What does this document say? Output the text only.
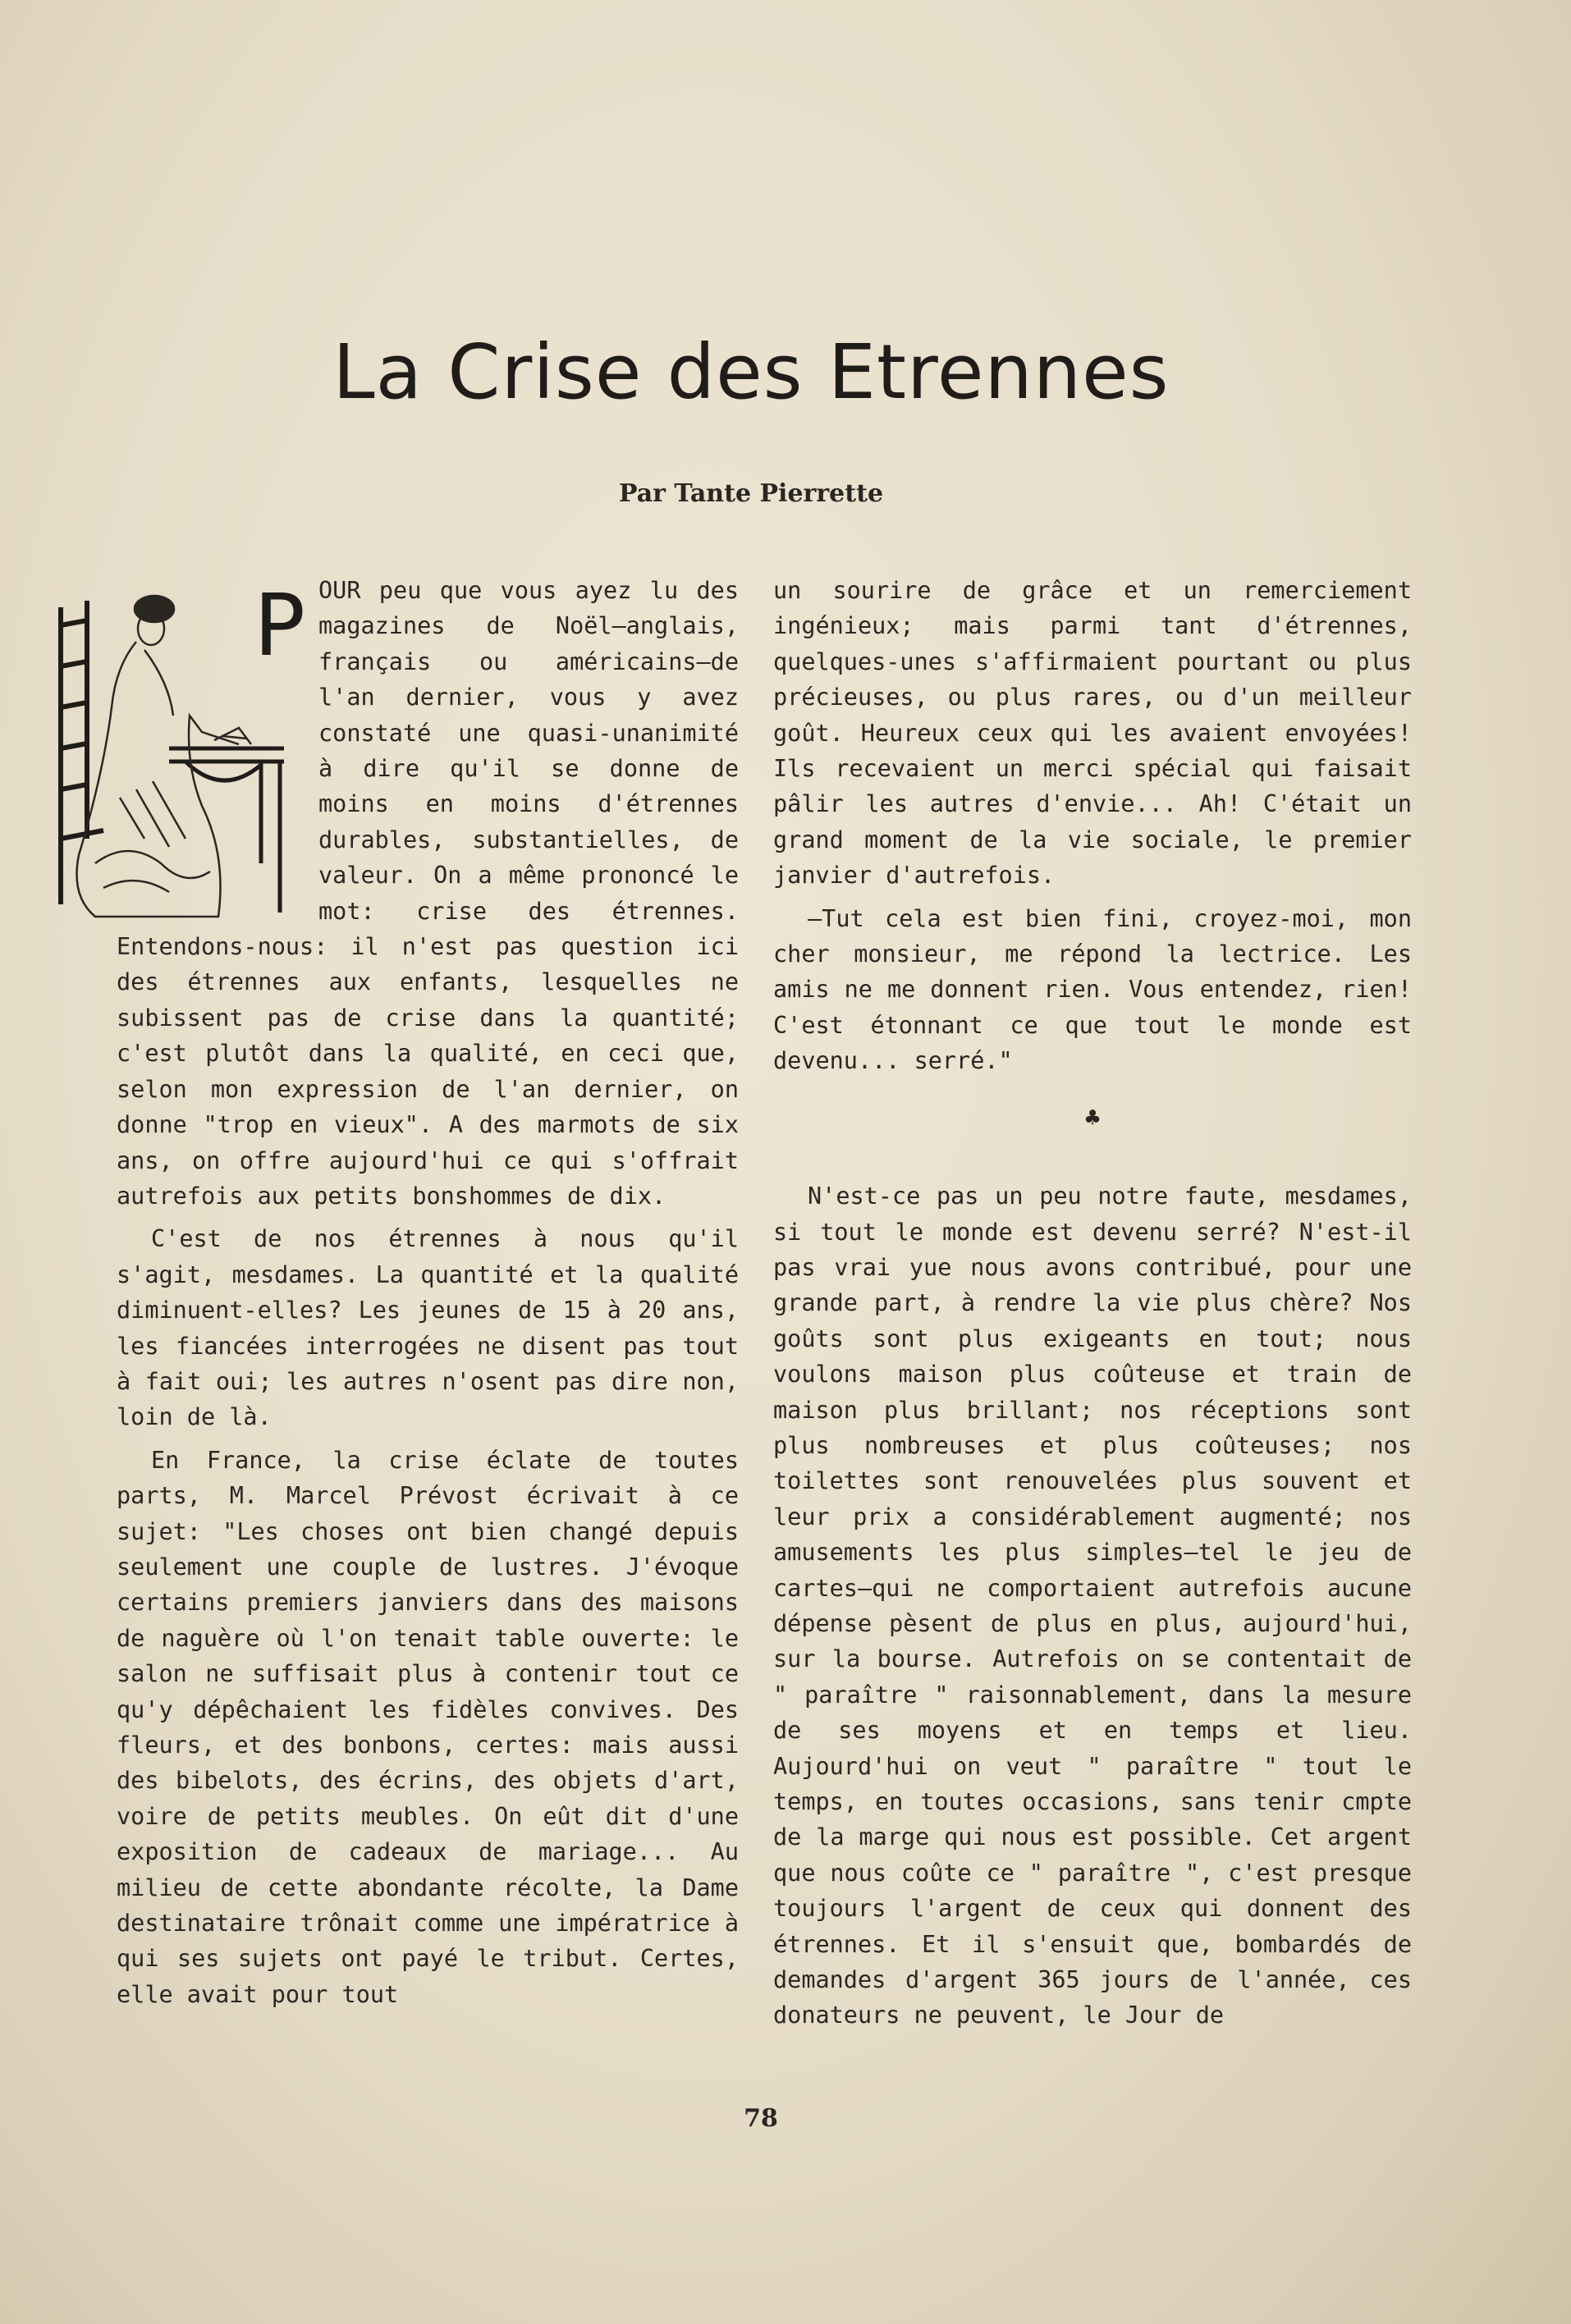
La Crise des Etrennes
Par Tante Pierrette
P OUR peu que vous ayez lu des magazines de Noël—anglais, français ou américains—de l'an dernier, vous y avez constaté une quasi-unanimité à dire qu'il se donne de moins en moins d'étrennes durables, substantielles, de valeur. On a même prononcé le mot: crise des étrennes. Entendons-nous: il n'est pas question ici des étrennes aux enfants, lesquelles ne subissent pas de crise dans la quantité; c'est plutôt dans la qualité, en ceci que, selon mon expression de l'an dernier, on donne "trop en vieux". A des marmots de six ans, on offre aujourd'hui ce qui s'offrait autrefois aux petits bonshommes de dix.

C'est de nos étrennes à nous qu'il s'agit, mesdames. La quantité et la qualité diminuent-elles? Les jeunes de 15 à 20 ans, les fiancées interrogées ne disent pas tout à fait oui; les autres n'osent pas dire non, loin de là.

En France, la crise éclate de toutes parts, M. Marcel Prévost écrivait à ce sujet: "Les choses ont bien changé depuis seulement une couple de lustres. J'évoque certains premiers janviers dans des maisons de naguère où l'on tenait table ouverte: le salon ne suffisait plus à contenir tout ce qu'y dépêchaient les fidèles convives. Des fleurs, et des bonbons, certes: mais aussi des bibelots, des écrins, des objets d'art, voire de petits meubles. On eût dit d'une exposition de cadeaux de mariage... Au milieu de cette abondante récolte, la Dame destinataire trônait comme une impératrice à qui ses sujets ont payé le tribut. Certes, elle avait pour tout

un sourire de grâce et un remerciement ingénieux; mais parmi tant d'étrennes, quelques-unes s'affirmaient pourtant ou plus précieuses, ou plus rares, ou d'un meilleur goût. Heureux ceux qui les avaient envoyées! Ils recevaient un merci spécial qui faisait pâlir les autres d'envie... Ah! C'était un grand moment de la vie sociale, le premier janvier d'autrefois.

—Tut cela est bien fini, croyez-moi, mon cher monsieur, me répond la lectrice. Les amis ne me donnent rien. Vous entendez, rien! C'est étonnant ce que tout le monde est devenu... serré."

♣

N'est-ce pas un peu notre faute, mesdames, si tout le monde est devenu serré? N'est-il pas vrai yue nous avons contribué, pour une grande part, à rendre la vie plus chère? Nos goûts sont plus exigeants en tout; nous voulons maison plus coûteuse et train de maison plus brillant; nos réceptions sont plus nombreuses et plus coûteuses; nos toilettes sont renouvelées plus souvent et leur prix a considérablement augmenté; nos amusements les plus simples—tel le jeu de cartes—qui ne comportaient autrefois aucune dépense pèsent de plus en plus, aujourd'hui, sur la bourse. Autrefois on se contentait de " paraître " raisonnablement, dans la mesure de ses moyens et en temps et lieu. Aujourd'hui on veut " paraître " tout le temps, en toutes occasions, sans tenir cmpte de la marge qui nous est possible. Cet argent que nous coûte ce " paraître ", c'est presque toujours l'argent de ceux qui donnent des étrennes. Et il s'ensuit que, bombardés de demandes d'argent 365 jours de l'année, ces donateurs ne peuvent, le Jour de

78
